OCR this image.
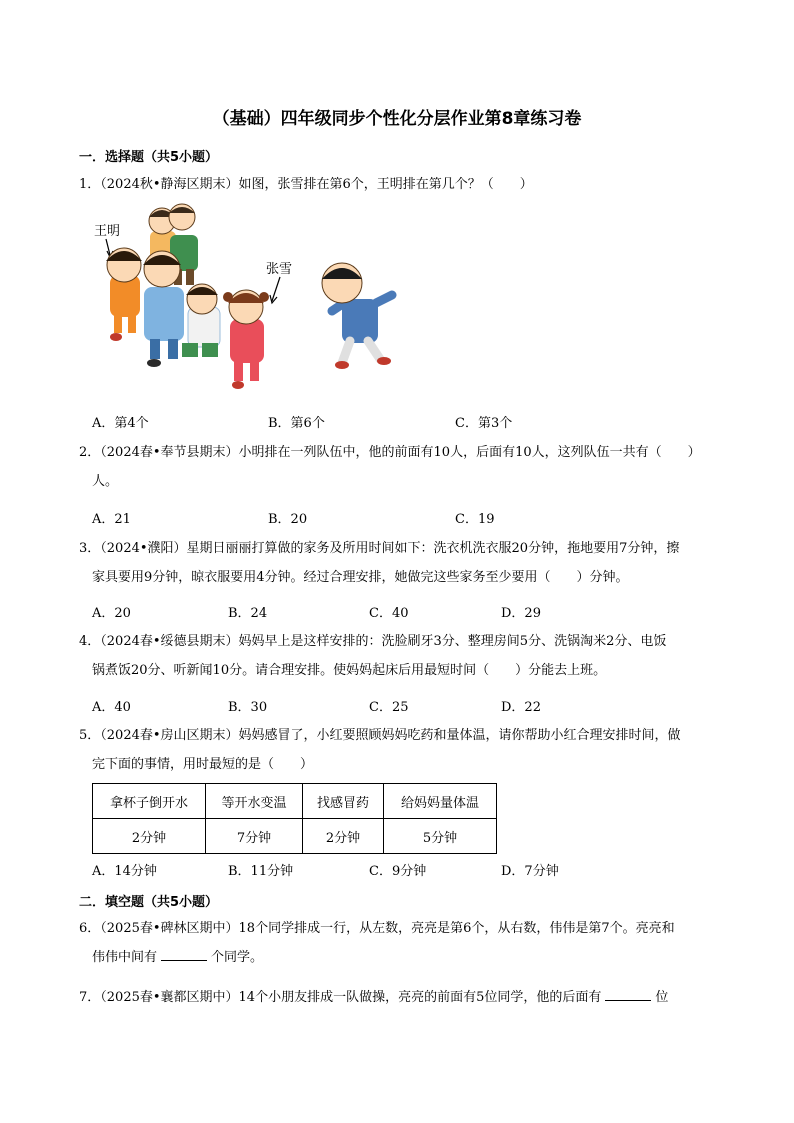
（基础）四年级同步个性化分层作业第8章练习卷
一．选择题（共5小题）

1．（2024秋•静海区期末）如图，张雪排在第6个，王明排在第几个？（　　）

王明
张雪
A．第4个	B．第6个	C．第3个

2．（2024春•奉节县期末）小明排在一列队伍中，他的前面有10人，后面有10人，这列队伍一共有（　　）

人。

A．21	B．20	C．19

3．（2024•濮阳）星期日丽丽打算做的家务及所用时间如下：洗衣机洗衣服20分钟，拖地要用7分钟，擦

家具要用9分钟，晾衣服要用4分钟。经过合理安排，她做完这些家务至少要用（　　）分钟。

A．20	B．24	C．40	D．29

4．（2024春•绥德县期末）妈妈早上是这样安排的：洗脸刷牙3分、整理房间5分、洗锅淘米2分、电饭

锅煮饭20分、听新闻10分。请合理安排。使妈妈起床后用最短时间（　　）分能去上班。

A．40	B．30	C．25	D．22

5．（2024春•房山区期末）妈妈感冒了，小红要照顾妈妈吃药和量体温，请你帮助小红合理安排时间，做

完下面的事情，用时最短的是（　　）

拿杯子倒开水	等开水变温	找感冒药	给妈妈量体温
2分钟	7分钟	2分钟	5分钟
A．14分钟	B．11分钟	C．9分钟	D．7分钟
二．填空题（共5小题）

6．（2025春•碑林区期中）18个同学排成一行，从左数，亮亮是第6个，从右数，伟伟是第7个。亮亮和

伟伟中间有	个同学。

7．（2025春•襄都区期中）14个小朋友排成一队做操，亮亮的前面有5位同学，他的后面有	位
